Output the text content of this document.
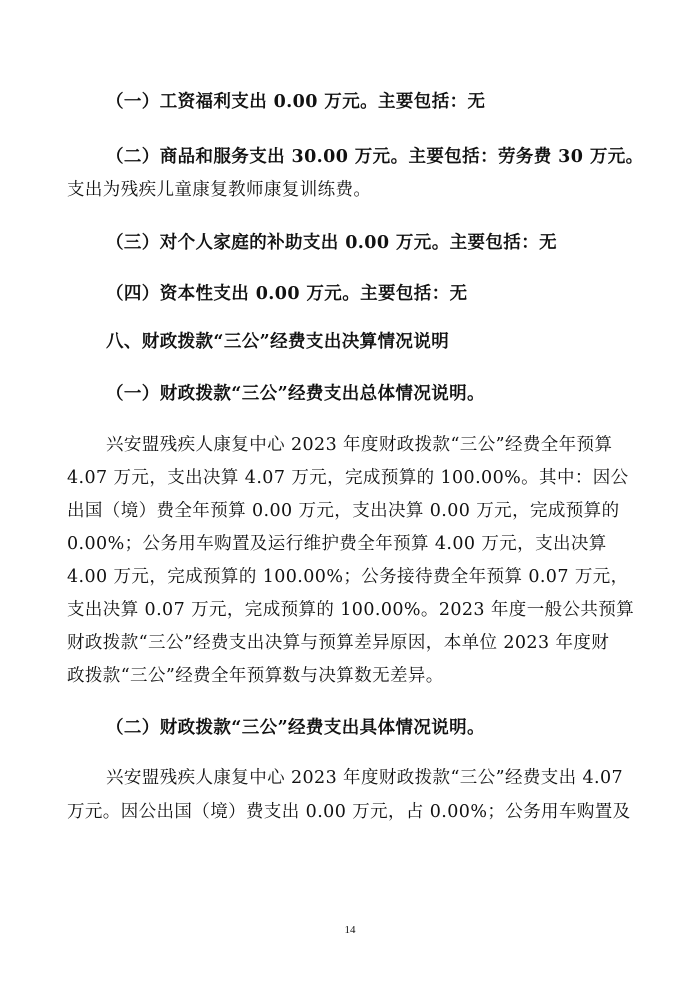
（一）工资福利支出 0.00 万元。主要包括：无
（二）商品和服务支出 30.00 万元。主要包括：劳务费 30 万元。
支出为残疾儿童康复教师康复训练费。
（三）对个人家庭的补助支出 0.00 万元。主要包括：无
（四）资本性支出 0.00 万元。主要包括：无
八、财政拨款“三公”经费支出决算情况说明
（一）财政拨款“三公”经费支出总体情况说明。
兴安盟残疾人康复中心 2023 年度财政拨款“三公”经费全年预算
4.07 万元，支出决算 4.07 万元，完成预算的 100.00%。其中：因公
出国（境）费全年预算 0.00 万元，支出决算 0.00 万元，完成预算的
0.00%；公务用车购置及运行维护费全年预算 4.00 万元，支出决算
4.00 万元，完成预算的 100.00%；公务接待费全年预算 0.07 万元，
支出决算 0.07 万元，完成预算的 100.00%。2023 年度一般公共预算
财政拨款“三公”经费支出决算与预算差异原因，本单位 2023 年度财
政拨款“三公”经费全年预算数与决算数无差异。
（二）财政拨款“三公”经费支出具体情况说明。
兴安盟残疾人康复中心 2023 年度财政拨款“三公”经费支出 4.07
万元。因公出国（境）费支出 0.00 万元，占 0.00%；公务用车购置及
14
